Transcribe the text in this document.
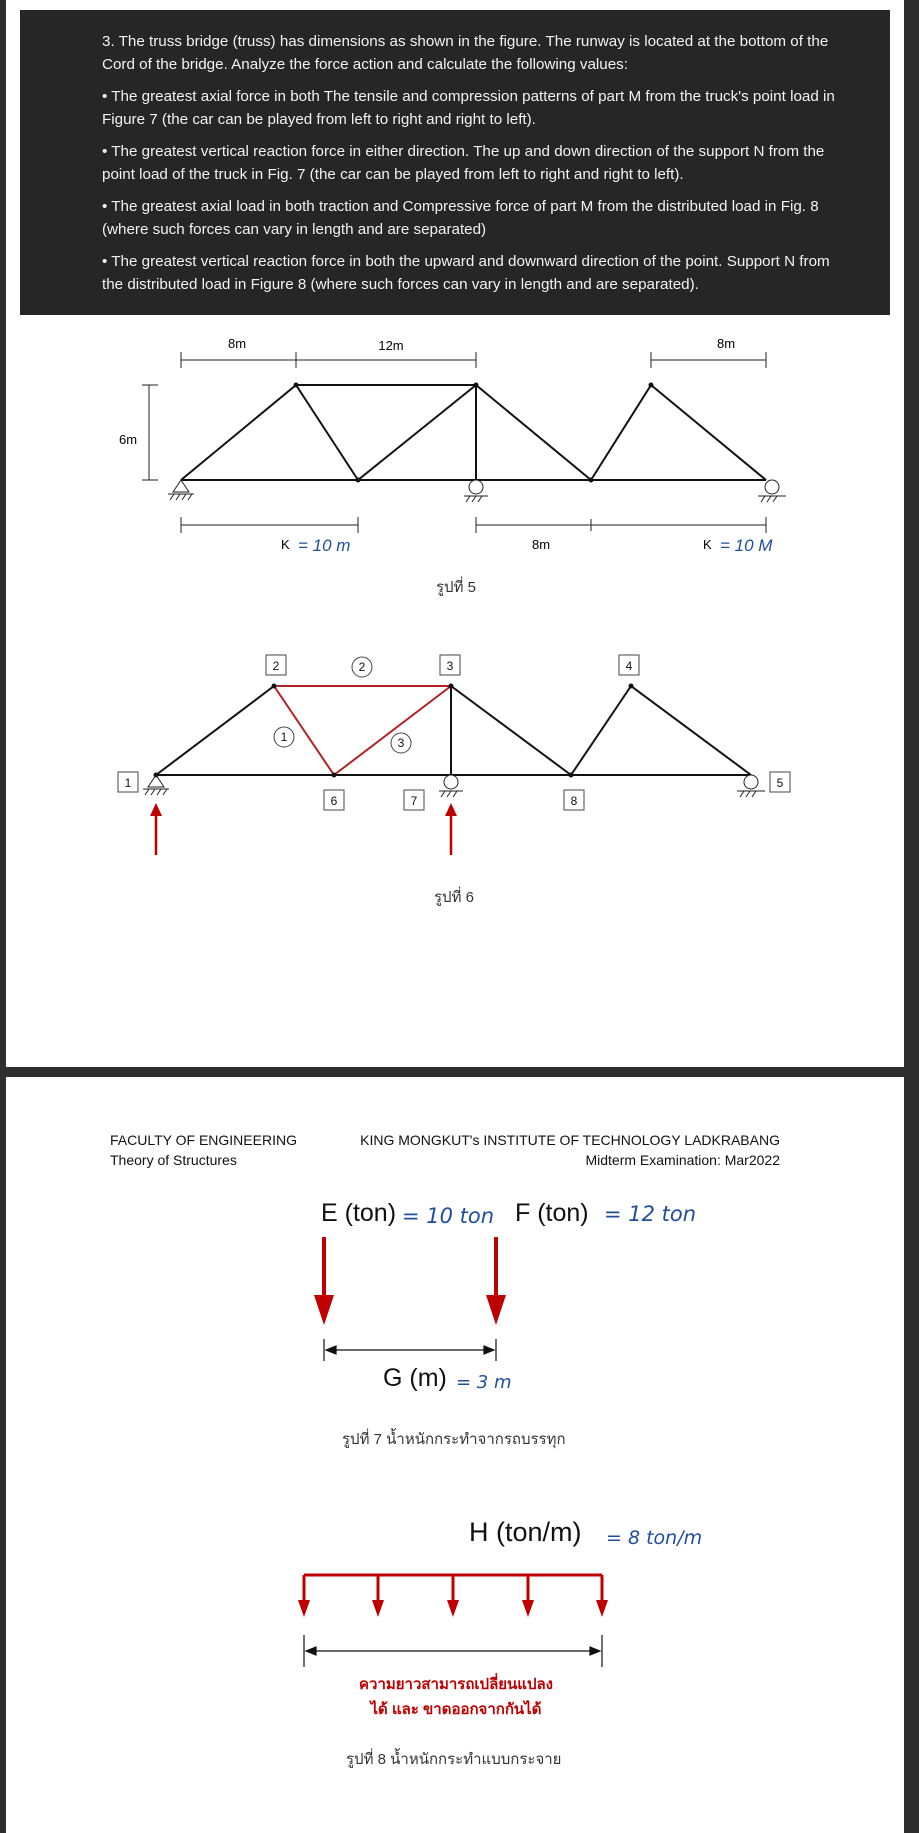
3. The truss bridge (truss) has dimensions as shown in the figure. The runway is located at the bottom of the Cord of the bridge. Analyze the force action and calculate the following values:

• The greatest axial force in both The tensile and compression patterns of part M from the truck's point load in Figure 7 (the car can be played from left to right and right to left).

• The greatest vertical reaction force in either direction. The up and down direction of the support N from the point load of the truck in Fig. 7 (the car can be played from left to right and right to left).

• The greatest axial load in both traction and Compressive force of part M from the distributed load in Fig. 8 (where such forces can vary in length and are separated)

• The greatest vertical reaction force in both the upward and downward direction of the point. Support N from the distributed load in Figure 8 (where such forces can vary in length and are separated).

8m	12m	8m
6m
8m
K = 10 m	K = 10 M
รูปที่ 5
1
2	3	4
5
6	7	8
1
2
3
รูปที่ 6
FACULTY OF ENGINEERING
Theory of Structures
KING MONGKUT's INSTITUTE OF TECHNOLOGY LADKRABANG
Midterm Examination: Mar2022
E (ton) = 10 ton F (ton) = 12 ton
G (m) = 3 m
รูปที่ 7 น้ำหนักกระทำจากรถบรรทุก
H (ton/m) = 8 ton/m
ความยาวสามารถเปลี่ยนแปลง
ได้ และ ขาดออกจากกันได้
รูปที่ 8 น้ำหนักกระทำแบบกระจาย
